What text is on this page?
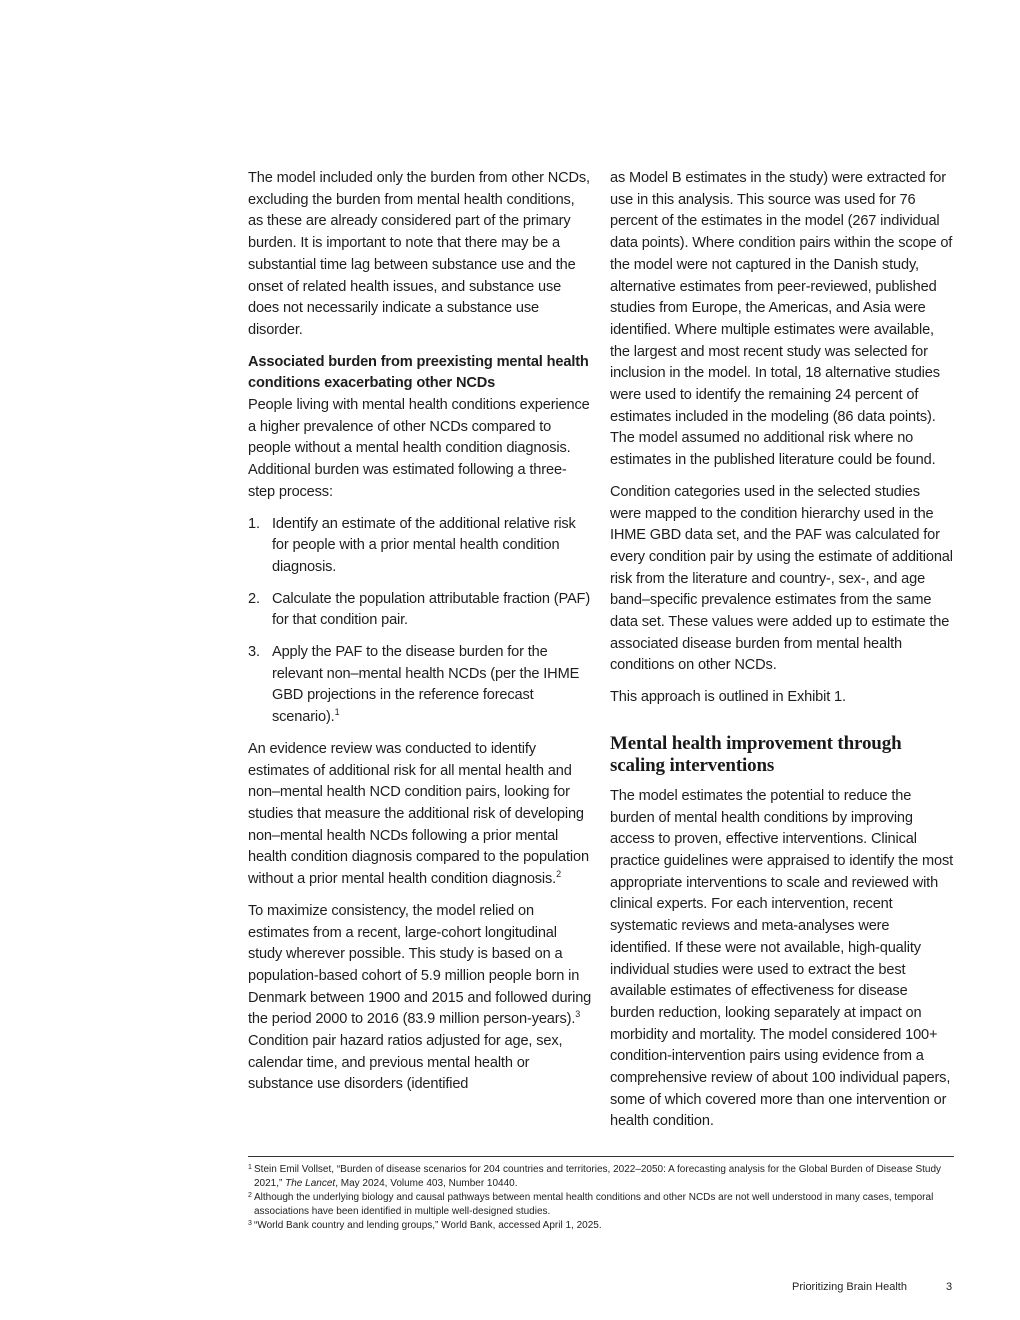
The model included only the burden from other NCDs, excluding the burden from mental health conditions, as these are already considered part of the primary burden. It is important to note that there may be a substantial time lag between substance use and the onset of related health issues, and substance use does not necessarily indicate a substance use disorder.

Associated burden from preexisting mental health conditions exacerbating other NCDs
People living with mental health conditions experience a higher prevalence of other NCDs compared to people without a mental health condition diagnosis. Additional burden was estimated following a three-step process:

1. Identify an estimate of the additional relative risk for people with a prior mental health condition diagnosis.
2. Calculate the population attributable fraction (PAF) for that condition pair.
3. Apply the PAF to the disease burden for the relevant non–mental health NCDs (per the IHME GBD projections in the reference forecast scenario).$^1$

An evidence review was conducted to identify estimates of additional risk for all mental health and non–mental health NCD condition pairs, looking for studies that measure the additional risk of developing non–mental health NCDs following a prior mental health condition diagnosis compared to the population without a prior mental health condition diagnosis.$^2$

To maximize consistency, the model relied on estimates from a recent, large-cohort longitudinal study wherever possible. This study is based on a population-based cohort of 5.9 million people born in Denmark between 1900 and 2015 and followed during the period 2000 to 2016 (83.9 million person-years).$^3$ Condition pair hazard ratios adjusted for age, sex, calendar time, and previous mental health or substance use disorders (identified

as Model B estimates in the study) were extracted for use in this analysis. This source was used for 76 percent of the estimates in the model (267 individual data points). Where condition pairs within the scope of the model were not captured in the Danish study, alternative estimates from peer-reviewed, published studies from Europe, the Americas, and Asia were identified. Where multiple estimates were available, the largest and most recent study was selected for inclusion in the model. In total, 18 alternative studies were used to identify the remaining 24 percent of estimates included in the modeling (86 data points). The model assumed no additional risk where no estimates in the published literature could be found.

Condition categories used in the selected studies were mapped to the condition hierarchy used in the IHME GBD data set, and the PAF was calculated for every condition pair by using the estimate of additional risk from the literature and country-, sex-, and age band–specific prevalence estimates from the same data set. These values were added up to estimate the associated disease burden from mental health conditions on other NCDs.

This approach is outlined in Exhibit 1.

Mental health improvement through scaling interventions

The model estimates the potential to reduce the burden of mental health conditions by improving access to proven, effective interventions. Clinical practice guidelines were appraised to identify the most appropriate interventions to scale and reviewed with clinical experts. For each intervention, recent systematic reviews and meta-analyses were identified. If these were not available, high-quality individual studies were used to extract the best available estimates of effectiveness for disease burden reduction, looking separately at impact on morbidity and mortality. The model considered 100+ condition-intervention pairs using evidence from a comprehensive review of about 100 individual papers, some of which covered more than one intervention or health condition.

1 Stein Emil Vollset, “Burden of disease scenarios for 204 countries and territories, 2022–2050: A forecasting analysis for the Global Burden of Disease Study 2021,” The Lancet, May 2024, Volume 403, Number 10440.

2 Although the underlying biology and causal pathways between mental health conditions and other NCDs are not well understood in many cases, temporal associations have been identified in multiple well-designed studies.

3 “World Bank country and lending groups,” World Bank, accessed April 1, 2025.

Prioritizing Brain Health	3
